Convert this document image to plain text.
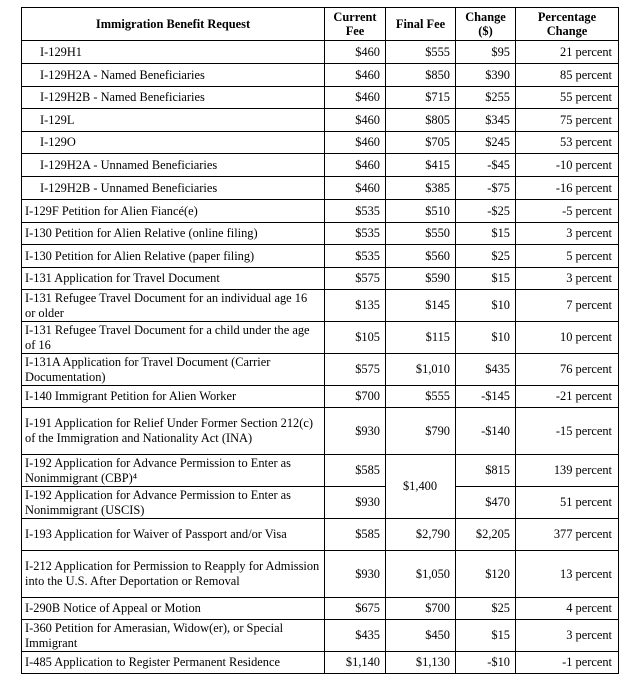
Immigration Benefit Request	Current Fee	Final Fee	Change ($)	Percentage Change
I-129H1	$460	$555	$95	21 percent
I-129H2A - Named Beneficiaries	$460	$850	$390	85 percent
I-129H2B - Named Beneficiaries	$460	$715	$255	55 percent
I-129L	$460	$805	$345	75 percent
I-129O	$460	$705	$245	53 percent
I-129H2A - Unnamed Beneficiaries	$460	$415	-$45	-10 percent
I-129H2B - Unnamed Beneficiaries	$460	$385	-$75	-16 percent
I-129F Petition for Alien Fiancé(e)	$535	$510	-$25	-5 percent
I-130 Petition for Alien Relative (online filing)	$535	$550	$15	3 percent
I-130 Petition for Alien Relative (paper filing)	$535	$560	$25	5 percent
I-131 Application for Travel Document	$575	$590	$15	3 percent
I-131 Refugee Travel Document for an individual age 16 or older	$135	$145	$10	7 percent
I-131 Refugee Travel Document for a child under the age of 16	$105	$115	$10	10 percent
I-131A Application for Travel Document (Carrier Documentation)	$575	$1,010	$435	76 percent
I-140 Immigrant Petition for Alien Worker	$700	$555	-$145	-21 percent
I-191 Application for Relief Under Former Section 212(c) of the Immigration and Nationality Act (INA)	$930	$790	-$140	-15 percent
I-192 Application for Advance Permission to Enter as Nonimmigrant (CBP)⁴	$585	$1,400	$815	139 percent
I-192 Application for Advance Permission to Enter as Nonimmigrant (USCIS)	$930		$470	51 percent
I-193 Application for Waiver of Passport and/or Visa	$585	$2,790	$2,205	377 percent
I-212 Application for Permission to Reapply for Admission into the U.S. After Deportation or Removal	$930	$1,050	$120	13 percent
I-290B Notice of Appeal or Motion	$675	$700	$25	4 percent
I-360 Petition for Amerasian, Widow(er), or Special Immigrant	$435	$450	$15	3 percent
I-485 Application to Register Permanent Residence	$1,140	$1,130	-$10	-1 percent
